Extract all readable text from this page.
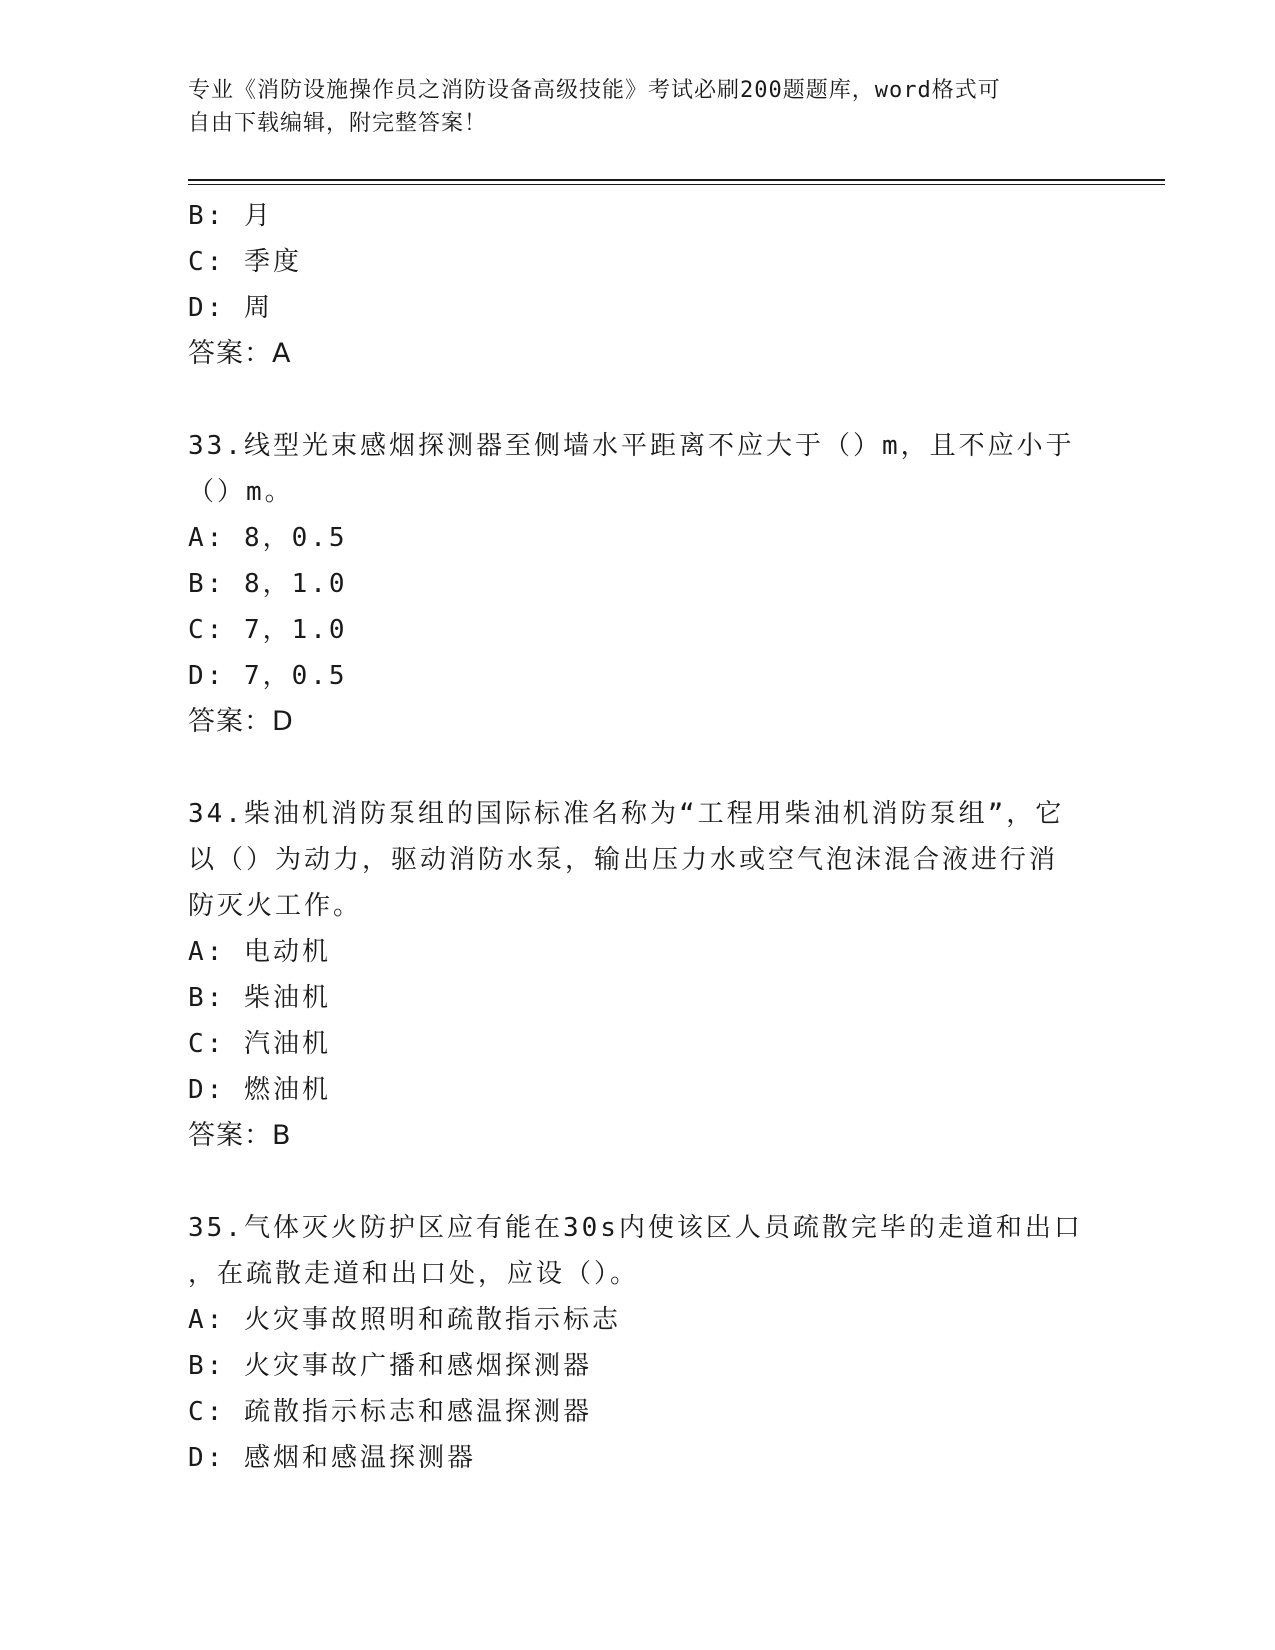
专业《消防设施操作员之消防设备高级技能》考试必刷200题题库，word格式可
自由下载编辑，附完整答案！
B: 月
C: 季度
D: 周
答案：A
33.线型光束感烟探测器至侧墙水平距离不应大于（）m，且不应小于
（）m。
A: 8，0.5
B: 8，1.0
C: 7，1.0
D: 7，0.5
答案：D
34.柴油机消防泵组的国际标准名称为“工程用柴油机消防泵组”，它
以（）为动力，驱动消防水泵，输出压力水或空气泡沫混合液进行消
防灭火工作。
A: 电动机
B: 柴油机
C: 汽油机
D: 燃油机
答案：B
35.气体灭火防护区应有能在30s内使该区人员疏散完毕的走道和出口
，在疏散走道和出口处，应设（）。
A: 火灾事故照明和疏散指示标志
B: 火灾事故广播和感烟探测器
C: 疏散指示标志和感温探测器
D: 感烟和感温探测器
